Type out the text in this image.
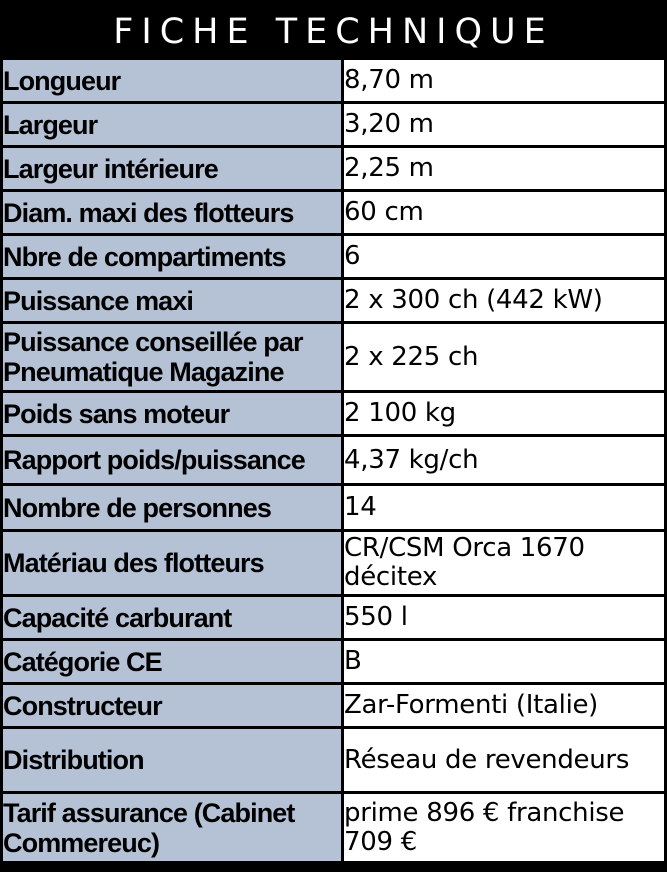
FICHE TECHNIQUE
Longueur		8,70 m
Largeur		3,20 m
Largeur intérieure		2,25 m
Diam. maxi des flotteurs		60 cm
Nbre de compartiments		6
Puissance maxi		2 x 300 ch (442 kW)
Puissance conseillée par Pneumatique Magazine		2 x 225 ch
Poids sans moteur		2 100 kg
Rapport poids/puissance		4,37 kg/ch
Nombre de personnes		14
Matériau des flotteurs		CR/CSM Orca 1670 décitex
Capacité carburant		550 l
Catégorie CE		B
Constructeur		Zar-Formenti (Italie)
Distribution		Réseau de revendeurs
Tarif assurance (Cabinet Commereuc)		prime 896 € franchise 709 €
